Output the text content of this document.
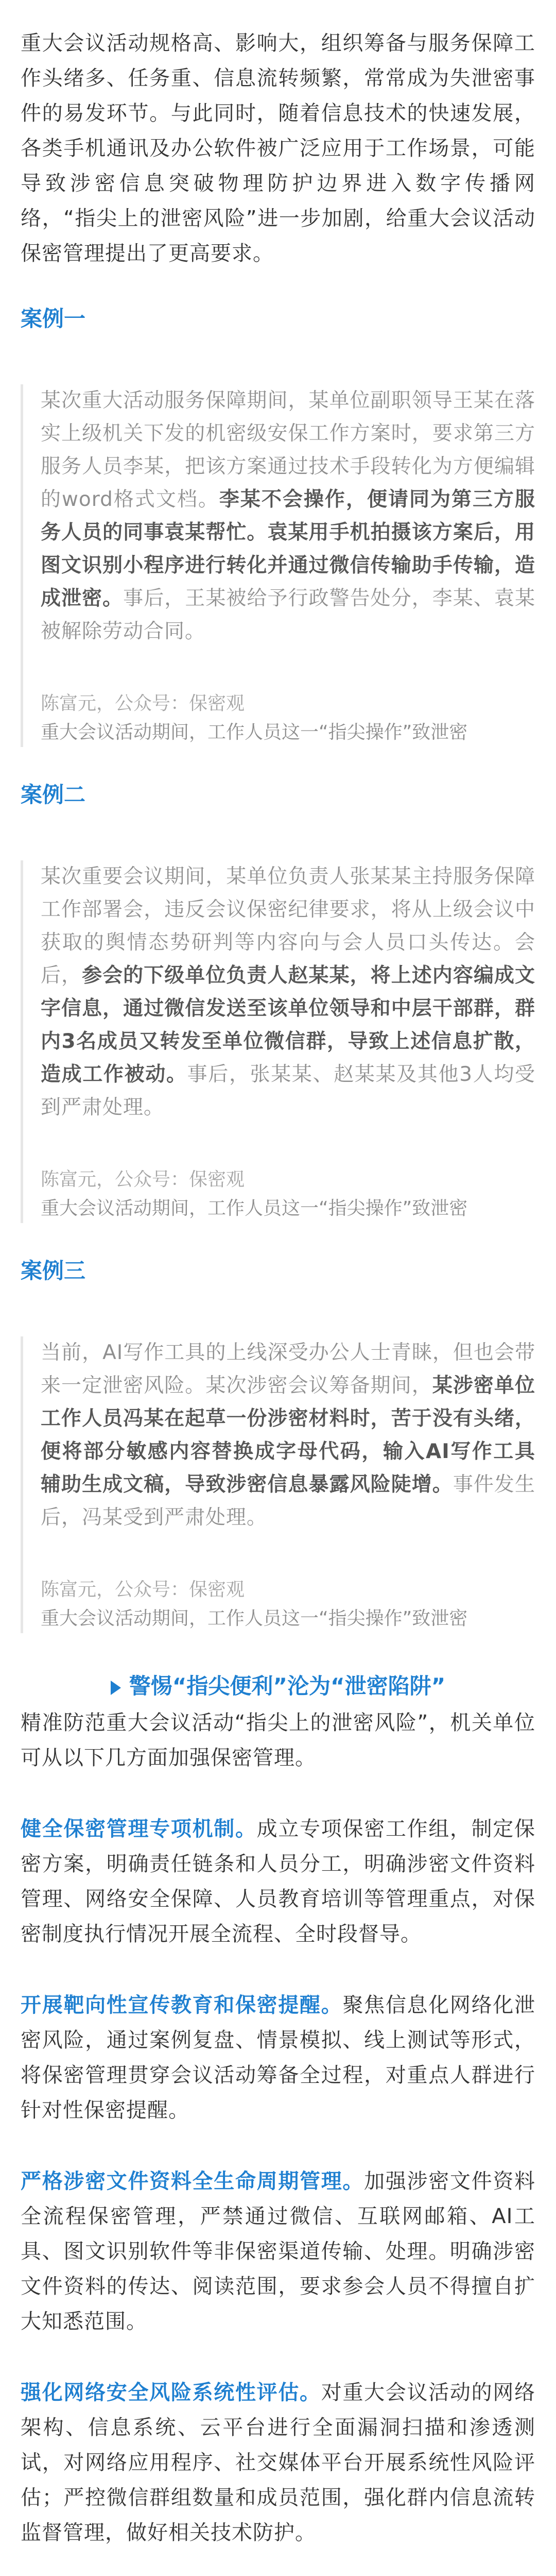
重大会议活动规格高、影响大，组织筹备与服务保障工作头绪多、任务重、信息流转频繁，常常成为失泄密事件的易发环节。与此同时，随着信息技术的快速发展，各类手机通讯及办公软件被广泛应用于工作场景，可能导致涉密信息突破物理防护边界进入数字传播网络，“指尖上的泄密风险”进一步加剧，给重大会议活动保密管理提出了更高要求。

案例一

某次重大活动服务保障期间，某单位副职领导王某在落实上级机关下发的机密级安保工作方案时，要求第三方服务人员李某，把该方案通过技术手段转化为方便编辑的word格式文档。李某不会操作，便请同为第三方服务人员的同事袁某帮忙。袁某用手机拍摄该方案后，用图文识别小程序进行转化并通过微信传输助手传输，造成泄密。事后，王某被给予行政警告处分，李某、袁某被解除劳动合同。

陈富元，公众号：保密观
重大会议活动期间，工作人员这一“指尖操作”致泄密
案例二

某次重要会议期间，某单位负责人张某某主持服务保障工作部署会，违反会议保密纪律要求，将从上级会议中获取的舆情态势研判等内容向与会人员口头传达。会后，参会的下级单位负责人赵某某，将上述内容编成文字信息，通过微信发送至该单位领导和中层干部群，群内3名成员又转发至单位微信群，导致上述信息扩散，造成工作被动。事后，张某某、赵某某及其他3人均受到严肃处理。

陈富元，公众号：保密观
重大会议活动期间，工作人员这一“指尖操作”致泄密
案例三

当前，AI写作工具的上线深受办公人士青睐，但也会带来一定泄密风险。某次涉密会议筹备期间，某涉密单位工作人员冯某在起草一份涉密材料时，苦于没有头绪，便将部分敏感内容替换成字母代码，输入AI写作工具辅助生成文稿，导致涉密信息暴露风险陡增。事件发生后，冯某受到严肃处理。

陈富元，公众号：保密观
重大会议活动期间，工作人员这一“指尖操作”致泄密
警惕“指尖便利”沦为“泄密陷阱”

精准防范重大会议活动“指尖上的泄密风险”，机关单位可从以下几方面加强保密管理。

健全保密管理专项机制。成立专项保密工作组，制定保密方案，明确责任链条和人员分工，明确涉密文件资料管理、网络安全保障、人员教育培训等管理重点，对保密制度执行情况开展全流程、全时段督导。

开展靶向性宣传教育和保密提醒。聚焦信息化网络化泄密风险，通过案例复盘、情景模拟、线上测试等形式，将保密管理贯穿会议活动筹备全过程，对重点人群进行针对性保密提醒。

严格涉密文件资料全生命周期管理。加强涉密文件资料全流程保密管理，严禁通过微信、互联网邮箱、AI工具、图文识别软件等非保密渠道传输、处理。明确涉密文件资料的传达、阅读范围，要求参会人员不得擅自扩大知悉范围。

强化网络安全风险系统性评估。对重大会议活动的网络架构、信息系统、云平台进行全面漏洞扫描和渗透测试，对网络应用程序、社交媒体平台开展系统性风险评估；严控微信群组数量和成员范围，强化群内信息流转监督管理，做好相关技术防护。
